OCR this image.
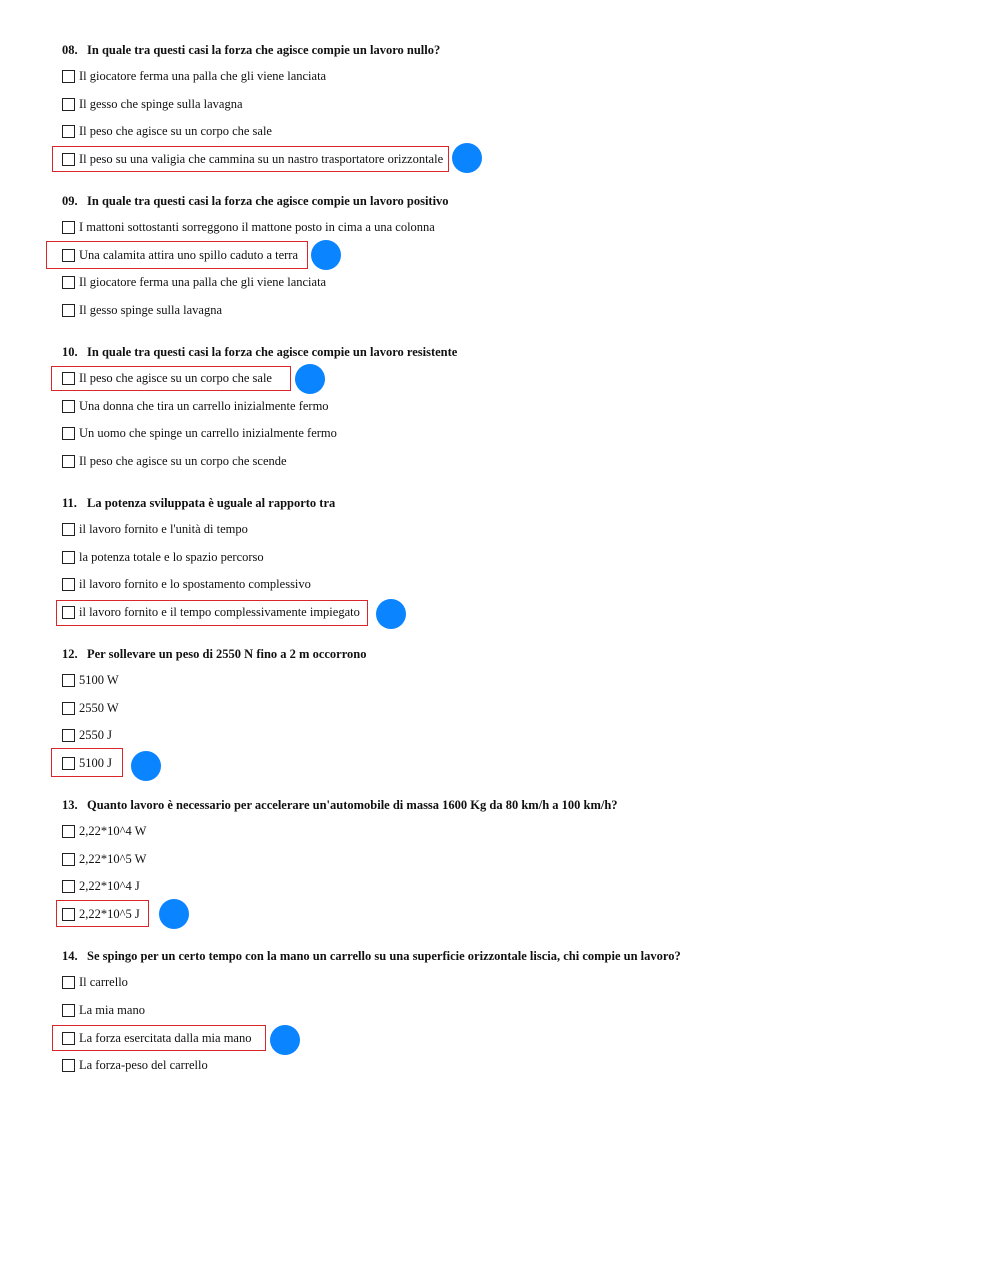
08. In quale tra questi casi la forza che agisce compie un lavoro nullo?
Il giocatore ferma una palla che gli viene lanciata
Il gesso che spinge sulla lavagna
Il peso che agisce su un corpo che sale
Il peso su una valigia che cammina su un nastro trasportatore orizzontale
09. In quale tra questi casi la forza che agisce compie un lavoro positivo
I mattoni sottostanti sorreggono il mattone posto in cima a una colonna
Una calamita attira uno spillo caduto a terra
Il giocatore ferma una palla che gli viene lanciata
Il gesso spinge sulla lavagna
10. In quale tra questi casi la forza che agisce compie un lavoro resistente
Il peso che agisce su un corpo che sale
Una donna che tira un carrello inizialmente fermo
Un uomo che spinge un carrello inizialmente fermo
Il peso che agisce su un corpo che scende
11. La potenza sviluppata è uguale al rapporto tra
il lavoro fornito e l'unità di tempo
la potenza totale e lo spazio percorso
il lavoro fornito e lo spostamento complessivo
il lavoro fornito e il tempo complessivamente impiegato
12. Per sollevare un peso di 2550 N fino a 2 m occorrono
5100 W
2550 W
2550 J
5100 J
13. Quanto lavoro è necessario per accelerare un'automobile di massa 1600 Kg da 80 km/h a 100 km/h?
2,22*10^4 W
2,22*10^5 W
2,22*10^4 J
2,22*10^5 J
14. Se spingo per un certo tempo con la mano un carrello su una superficie orizzontale liscia, chi compie un lavoro?
Il carrello
La mia mano
La forza esercitata dalla mia mano
La forza-peso del carrello
